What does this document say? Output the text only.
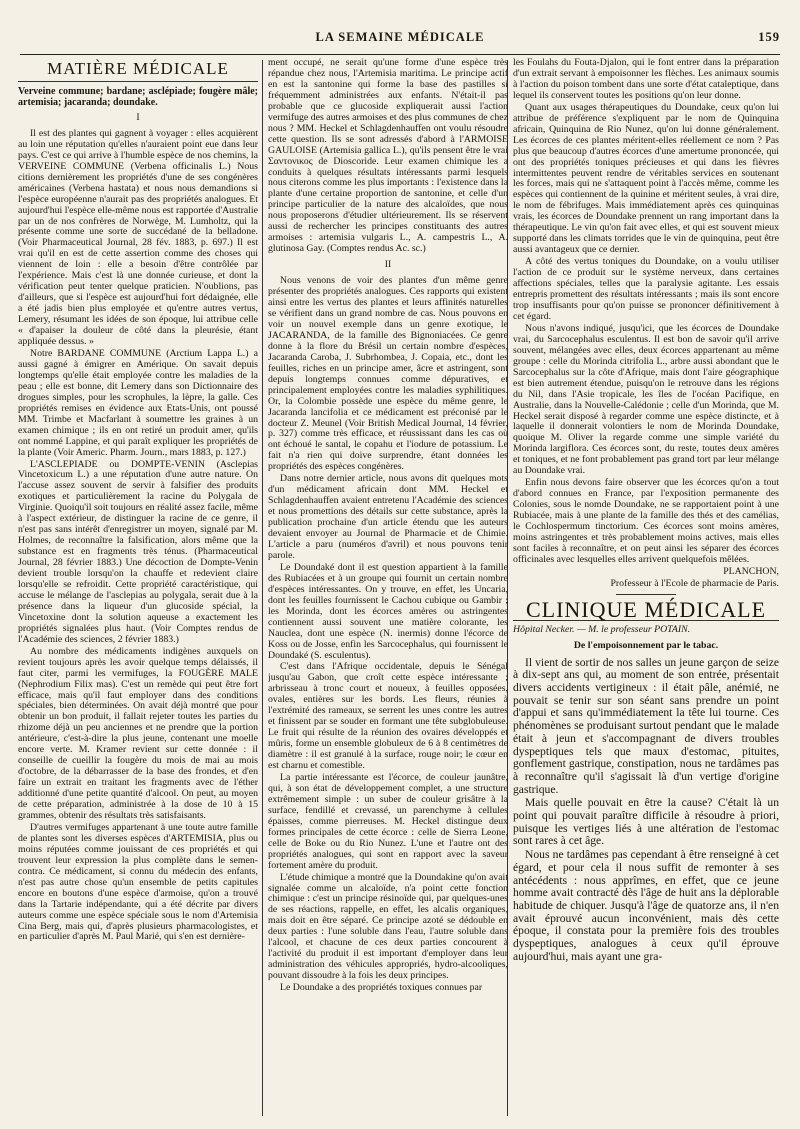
LA SEMAINE MÉDICALE	159
MATIÈRE MÉDICALE

Verveine commune; bardane; asclépiade; fougère mâle; artemisia; jacaranda; doundake.

I

Il est des plantes qui gagnent à voyager : elles acquièrent au loin une réputation qu'elles n'auraient point eue dans leur pays. C'est ce qui arrive à l'humble espèce de nos chemins, la VERVEINE COMMUNE (Verbena officinalis L.) Nous citions dernièrement les propriétés d'une de ses congénères américaines (Verbena hastata) et nous nous demandions si l'espèce européenne n'aurait pas des propriétés analogues. Et aujourd'hui l'espèce elle-même nous est rapportée d'Australie par un de nos confrères de Norwège, M. Lumholtz, qui la présente comme une sorte de succédané de la belladone. (Voir Pharmaceutical Journal, 28 fév. 1883, p. 697.) Il est vrai qu'il en est de cette assertion comme des choses qui viennent de loin : elle a besoin d'être contrôlée par l'expérience. Mais c'est là une donnée curieuse, et dont la vérification peut tenter quelque praticien. N'oublions, pas d'ailleurs, que si l'espèce est aujourd'hui fort dédaignée, elle a été jadis bien plus employée et qu'entre autres vertus, Lemery, résumant les idées de son époque, lui attribue celle « d'apaiser la douleur de côté dans la pleurésie, étant appliquée dessus. »

Notre BARDANE COMMUNE (Arctium Lappa L.) a aussi gagné à émigrer en Amérique. On savait depuis longtemps qu'elle était employée contre les maladies de la peau ; elle est bonne, dit Lemery dans son Dictionnaire des drogues simples, pour les scrophules, la lèpre, la galle. Ces propriétés remises en évidence aux Etats-Unis, ont poussé MM. Trimbe et Macfarlant à soumettre les graines à un examen chimique ; ils en ont retiré un produit amer, qu'ils ont nommé Lappine, et qui paraît expliquer les propriétés de la plante (Voir Americ. Pharm. Journ., mars 1883, p. 127.)

L'ASCLEPIADE ou DOMPTE-VENIN (Asclepias Vincetoxicum L.) a une réputation d'une autre nature. On l'accuse assez souvent de servir à falsifier des produits exotiques et particulièrement la racine du Polygala de Virginie. Quoiqu'il soit toujours en réalité assez facile, même à l'aspect extérieur, de distinguer la racine de ce genre, il n'est pas sans intérêt d'enregistrer un moyen, signalé par M. Holmes, de reconnaître la falsification, alors même que la substance est en fragments très ténus. (Pharmaceutical Journal, 28 février 1883.) Une décoction de Dompte-Venin devient trouble lorsqu'on la chauffe et redevient claire lorsqu'elle se refroidit. Cette propriété caractéristique, qui accuse le mélange de l'asclepias au polygala, serait due à la présence dans la liqueur d'un glucoside spécial, la Vincetoxine dont la solution aqueuse a exactement les propriétés signalées plus haut. (Voir Comptes rendus de l'Académie des sciences, 2 février 1883.)

Au nombre des médicaments indigènes auxquels on revient toujours après les avoir quelque temps délaissés, il faut citer, parmi les vermifuges, la FOUGÈRE MALE (Nephrodium Filix mas). C'est un remède qui peut être fort efficace, mais qu'il faut employer dans des conditions spéciales, bien déterminées. On avait déjà montré que pour obtenir un bon produit, il fallait rejeter toutes les parties du rhizome déjà un peu anciennes et ne prendre que la portion antérieure, c'est-à-dire la plus jeune, contenant une moelle encore verte. M. Kramer revient sur cette donnée : il conseille de cueillir la fougère du mois de mai au mois d'octobre, de la débarrasser de la base des frondes, et d'en faire un extrait en traitant les fragments avec de l'éther additionné d'une petite quantité d'alcool. On peut, au moyen de cette préparation, administrée à la dose de 10 à 15 grammes, obtenir des résultats très satisfaisants.

D'autres vermifuges appartenant à une toute autre famille de plantes sont les diverses espèces d'ARTEMISIA, plus ou moins réputées comme jouissant de ces propriétés et qui trouvent leur expression la plus complète dans le semen-contra. Ce médicament, si connu du médecin des enfants, n'est pas autre chose qu'un ensemble de petits capitules encore en boutons d'une espèce d'armoise, qu'on a trouvé dans la Tartarie indépendante, qui a été décrite par divers auteurs comme une espèce spéciale sous le nom d'Artemisia Cina Berg, mais qui, d'après plusieurs pharmacologistes, et en particulier d'après M. Paul Marié, qui s'en est dernière-

ment occupé, ne serait qu'une forme d'une espèce très répandue chez nous, l'Artemisia maritima. Le principe actif en est la santonine qui forme la base des pastilles si fréquemment administrées aux enfants. N'était-il pas probable que ce glucoside expliquerait aussi l'action vermifuge des autres armoises et des plus communes de chez nous ? MM. Heckel et Schlagdenhauffen ont voulu résoudre cette question. Ils se sont adressés d'abord à l'ARMOISE GAULOISE (Artemisia gallica L.), qu'ils pensent être le vrai Σαντονικος de Dioscoride. Leur examen chimique les a conduits à quelques résultats intéressants parmi lesquels nous citerons comme les plus importants : l'existence dans la plante d'une certaine proportion de santonine, et celle d'un principe particulier de la nature des alcaloïdes, que nous nous proposerons d'étudier ultérieurement. Ils se réservent aussi de rechercher les principes constituants des autres armoises : artemisia vulgaris L., A. campestris L., A. glutinosa Gay. (Comptes rendus Ac. sc.)

II

Nous venons de voir des plantes d'un même genre présenter des propriétés analogues. Ces rapports qui existent ainsi entre les vertus des plantes et leurs affinités naturelles se vérifient dans un grand nombre de cas. Nous pouvons en voir un nouvel exemple dans un genre exotique, le JACARANDA, de la famille des Bignoniacées. Ce genre donne à la flore du Brésil un certain nombre d'espèces, Jacaranda Caroba, J. Subrhombea, J. Copaia, etc., dont les feuilles, riches en un principe amer, âcre et astringent, sont depuis longtemps connues comme dépuratives, et principalement employées contre les maladies syphilitiques. Or, la Colombie possède une espèce du même genre, le Jacaranda lancifolia et ce médicament est préconisé par le docteur Z. Meunel (Voir British Medical Journal, 14 février, p. 327) comme très efficace, et réussissant dans les cas où ont échoué le santal, le copahu et l'iodure de potassium. Le fait n'a rien qui doive surprendre, étant données les propriétés des espèces congénères.

Dans notre dernier article, nous avons dit quelques mots d'un médicament africain dont MM. Heckel et Schlagdenhauffen avaient entretenu l'Académie des sciences et nous promettions des détails sur cette substance, après la publication prochaine d'un article étendu que les auteurs devaient envoyer au Journal de Pharmacie et de Chimie. L'article a paru (numéros d'avril) et nous pouvons tenir parole.

Le Doundaké dont il est question appartient à la famille des Rubiacées et à un groupe qui fournit un certain nombre d'espèces intéressantes. On y trouve, en effet, les Uncaria, dont les feuilles fournissent le Cachou cubique ou Gambir ; les Morinda, dont les écorces amères ou astringentes contiennent aussi souvent une matière colorante, les Nauclea, dont une espèce (N. inermis) donne l'écorce de Koss ou de Josse, enfin les Sarcocephalus, qui fournissent le Doundaké (S. esculentus).

C'est dans l'Afrique occidentale, depuis le Sénégal jusqu'au Gabon, que croît cette espèce intéressante ; arbrisseau à tronc court et noueux, à feuilles opposées, ovales, entières sur les bords. Les fleurs, réunies à l'extrémité des rameaux, se serrent les unes contre les autres et finissent par se souder en formant une tête subglobuleuse. Le fruit qui résulte de la réunion des ovaires développés et mûris, forme un ensemble globuleux de 6 à 8 centimètres de diamètre : il est granulé à la surface, rouge noir; le cœur en est charnu et comestible.

La partie intéressante est l'écorce, de couleur jaunâtre, qui, à son état de développement complet, a une structure extrêmement simple : un suber de couleur grisâtre à la surface, fendillé et crevassé, un parenchyme à cellules épaisses, comme pierreuses. M. Heckel distingue deux formes principales de cette écorce : celle de Sierra Leone, celle de Boke ou du Rio Nunez. L'une et l'autre ont des propriétés analogues, qui sont en rapport avec la saveur fortement amère du produit.

L'étude chimique a montré que la Doundakine qu'on avait signalée comme un alcaloïde, n'a point cette fonction chimique : c'est un principe résinoïde qui, par quelques-unes de ses réactions, rappelle, en effet, les alcalis organiques, mais doit en être séparé. Ce principe azoté se dédouble en deux parties : l'une soluble dans l'eau, l'autre soluble dans l'alcool, et chacune de ces deux parties concourent à l'activité du produit il est important d'employer dans leur administration des véhicules appropriés, hydro-alcooliques, pouvant dissoudre à la fois les deux principes.

Le Doundake a des propriétés toxiques connues par

les Foulahs du Fouta-Djalon, qui le font entrer dans la préparation d'un extrait servant à empoisonner les flèches. Les animaux soumis à l'action du poison tombent dans une sorte d'état cataleptique, dans lequel ils conservent toutes les positions qu'on leur donne.

Quant aux usages thérapeutiques du Doundake, ceux qu'on lui attribue de préférence s'expliquent par le nom de Quinquina africain, Quinquina de Rio Nunez, qu'on lui donne généralement. Les écorces de ces plantes méritent-elles réellement ce nom ? Pas plus que beaucoup d'autres écorces d'une amertume prononcée, qui ont des propriétés toniques précieuses et qui dans les fièvres intermittentes peuvent rendre de véritables services en soutenant les forces, mais qui ne s'attaquent point à l'accès même, comme les espèces qui contiennent de la quinine et méritent seules, à vrai dire, le nom de fébrifuges. Mais immédiatement après ces quinquinas vrais, les écorces de Doundake prennent un rang important dans la thérapeutique. Le vin qu'on fait avec elles, et qui est souvent mieux supporté dans les climats torrides que le vin de quinquina, peut être aussi avantageux que ce dernier.

A côté des vertus toniques du Doundake, on a voulu utiliser l'action de ce produit sur le système nerveux, dans certaines affections spéciales, telles que la paralysie agitante. Les essais entrepris promettent des résultats intéressants ; mais ils sont encore trop insuffisants pour qu'on puisse se prononcer définitivement à cet égard.

Nous n'avons indiqué, jusqu'ici, que les écorces de Doundake vrai, du Sarcocephalus esculentus. Il est bon de savoir qu'il arrive souvent, mélangées avec elles, deux écorces appartenant au même groupe : celle du Morinda citrifolia L., arbre aussi abondant que le Sarcocephalus sur la côte d'Afrique, mais dont l'aire géographique est bien autrement étendue, puisqu'on le retrouve dans les régions du Nil, dans l'Asie tropicale, les îles de l'océan Pacifique, en Australie, dans la Nouvelle-Calédonie ; celle d'un Morinda, que M. Heckel serait disposé à regarder comme une espèce distincte, et à laquelle il donnerait volontiers le nom de Morinda Doundake, quoique M. Oliver la regarde comme une simple variété du Morinda largiflora. Ces écorces sont, du reste, toutes deux amères et toniques, et ne font probablement pas grand tort par leur mélange au Doundake vrai.

Enfin nous devons faire observer que les écorces qu'on a tout d'abord connues en France, par l'exposition permanente des Colonies, sous le nomde Doundake, ne se rapportaient point à une Rubiacée, mais à une plante de la famille des thés et des camélias, le Cochlospermum tinctorium. Ces écorces sont moins amères, moins astringentes et très probablement moins actives, mais elles sont faciles à reconnaître, et on peut ainsi les séparer des écorces officinales avec lesquelles elles arrivent quelquefois mêlées.

PLANCHON,

Professeur à l'Ecole de pharmacie de Paris.

CLINIQUE MÉDICALE

Hôpital Necker. — M. le professeur POTAIN.

De l'empoisonnement par le tabac.

Il vient de sortir de nos salles un jeune garçon de seize à dix-sept ans qui, au moment de son entrée, présentait divers accidents vertigineux : il était pâle, anémié, ne pouvait se tenir sur son séant sans prendre un point d'appui et sans qu'immédiatement la tête lui tourne. Ces phénomènes se produisant surtout pendant que le malade était à jeun et s'accompagnant de divers troubles dyspeptiques tels que maux d'estomac, pituites, gonflement gastrique, constipation, nous ne tardâmes pas à reconnaître qu'il s'agissait là d'un vertige d'origine gastrique.

Mais quelle pouvait en être la cause? C'était là un point qui pouvait paraître difficile à résoudre à priori, puisque les vertiges liés à une altération de l'estomac sont rares à cet âge.

Nous ne tardâmes pas cependant à être renseigné à cet égard, et pour cela il nous suffit de remonter à ses antécédents : nous apprîmes, en effet, que ce jeune homme avait contracté dès l'âge de huit ans la déplorable habitude de chiquer. Jusqu'à l'âge de quatorze ans, il n'en avait éprouvé aucun inconvénient, mais dès cette époque, il constata pour la première fois des troubles dyspeptiques, analogues à ceux qu'il éprouve aujourd'hui, mais ayant une gra-
